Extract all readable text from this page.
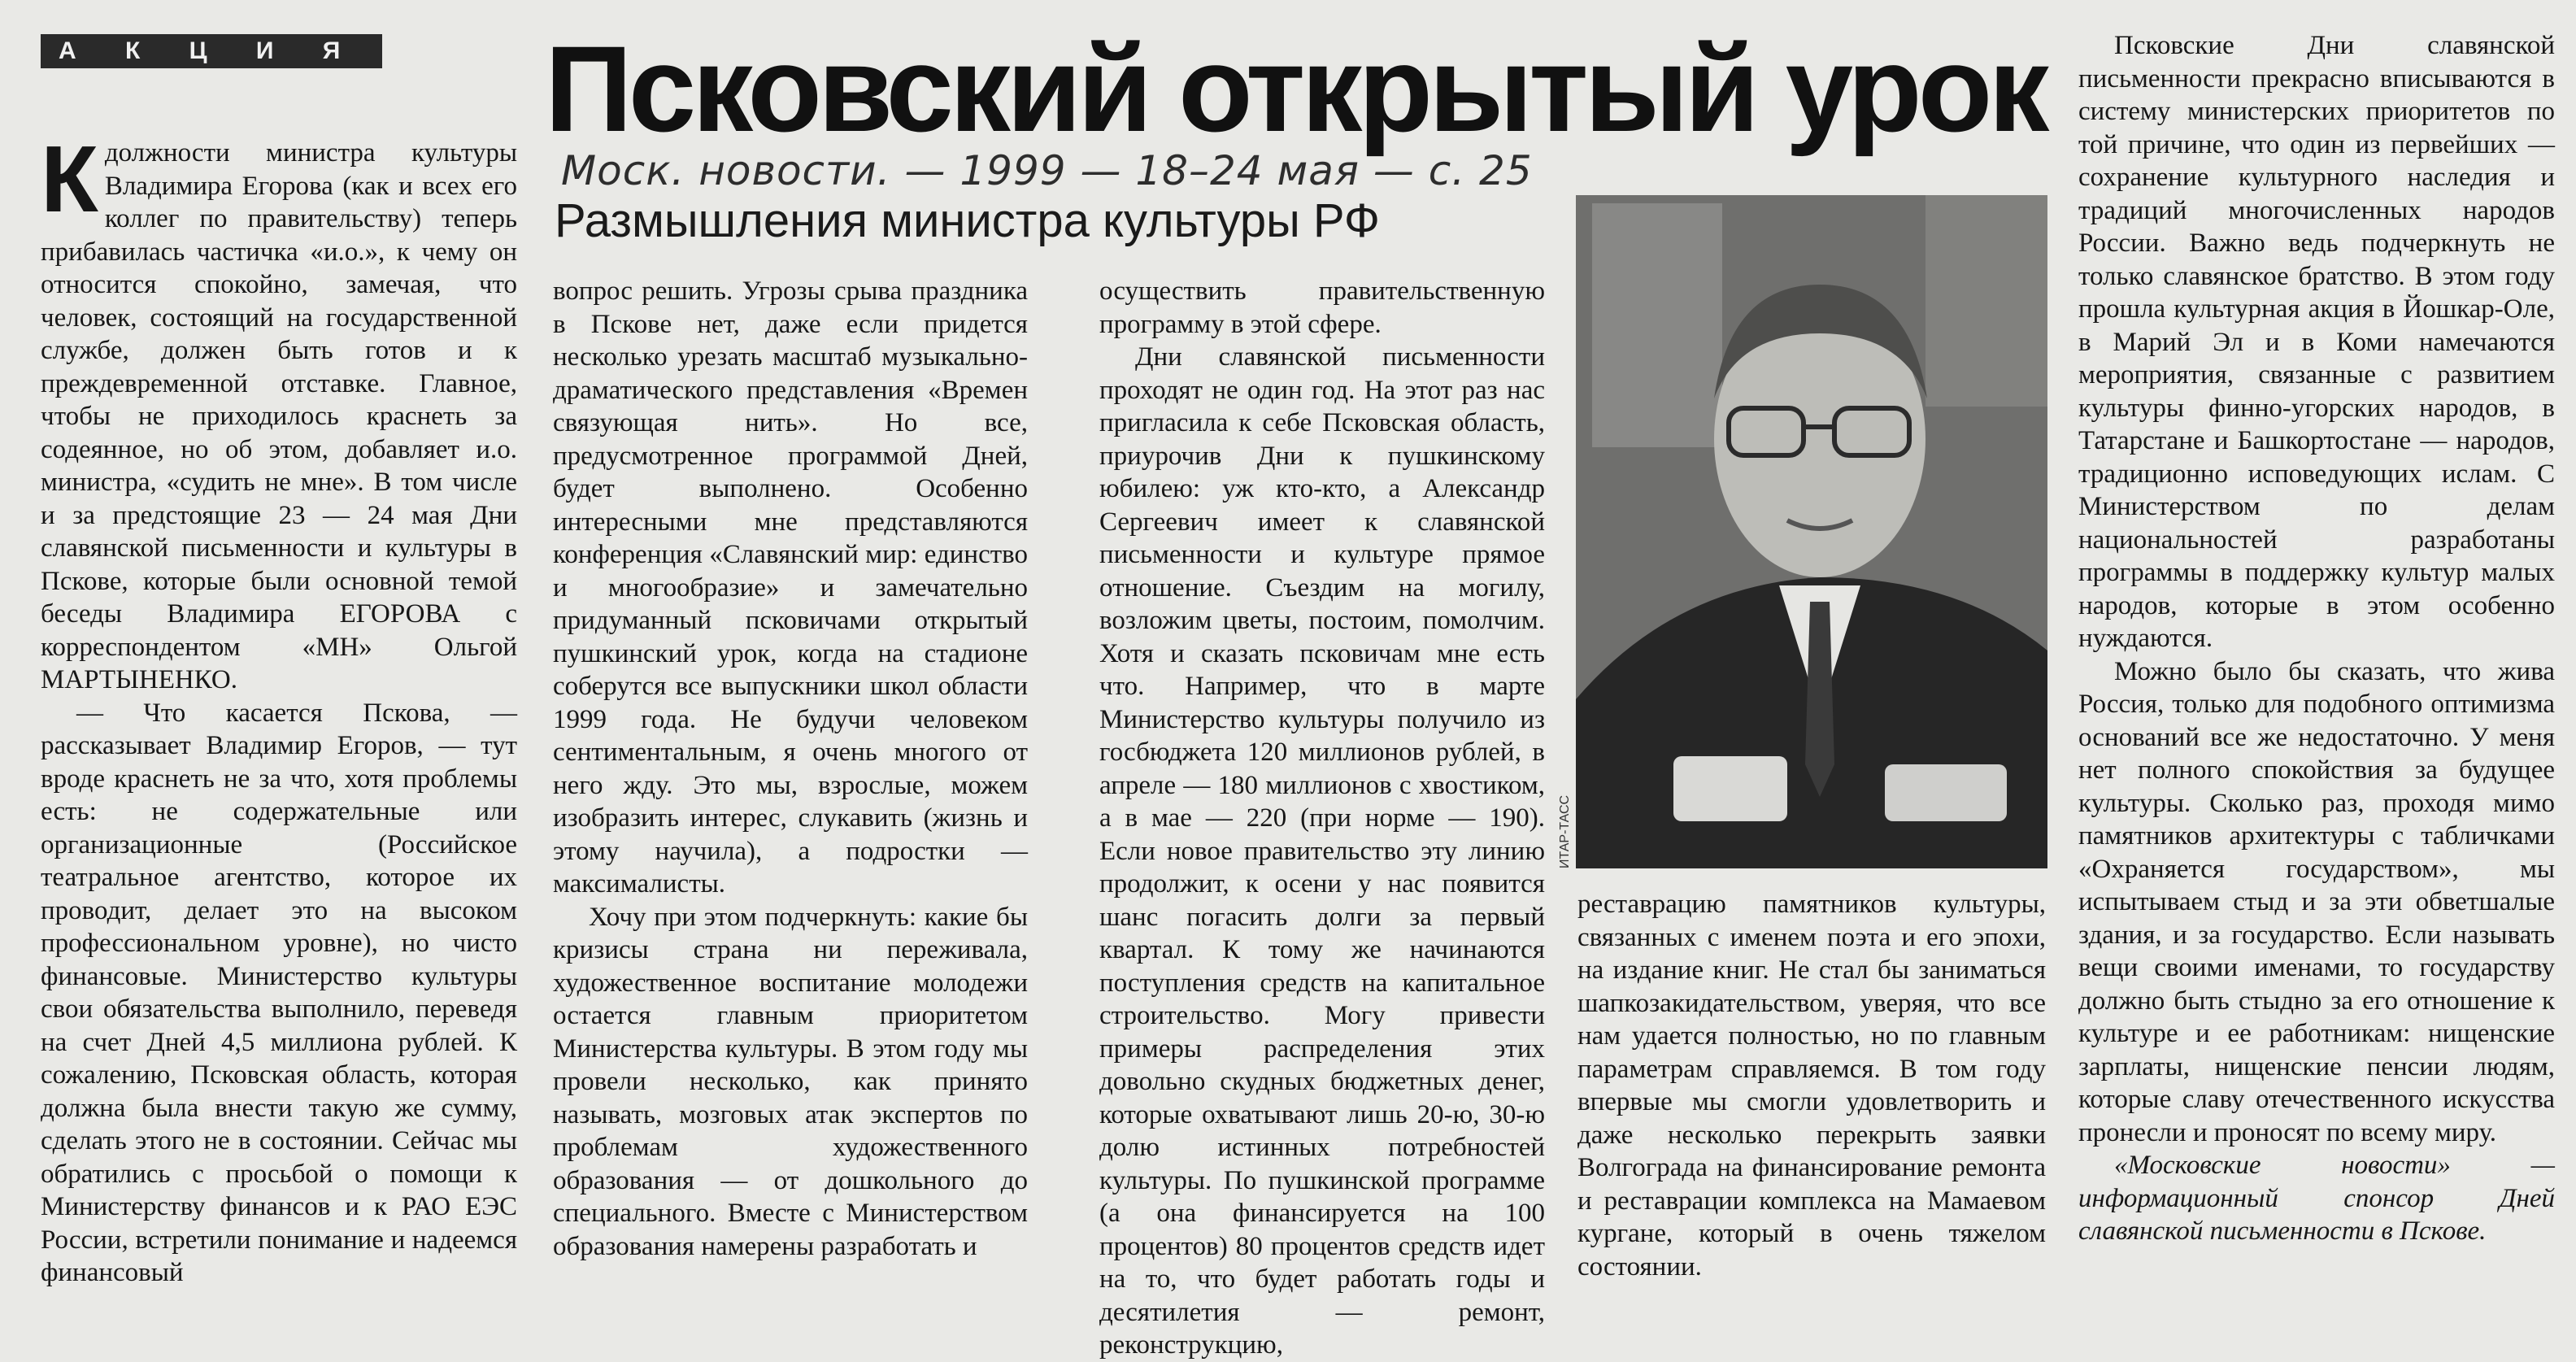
А К Ц И Я Псковский открытый урок
Моск. новости. — 1999 — 18–24 мая — с. 25
Размышления министра культуры РФ

Кдолжности министра культуры Владимира Егорова (как и всех его коллег по правительству) теперь прибавилась частичка «и.о.», к чему он относится спокойно, замечая, что человек, состоящий на государственной службе, должен быть готов и к преждевременной отставке. Главное, чтобы не приходилось краснеть за содеянное, но об этом, добавляет и.о. министра, «судить не мне». В том числе и за предстоящие 23 — 24 мая Дни славянской письменности и культуры в Пскове, которые были основной темой беседы Владимира ЕГОРОВА с корреспондентом «МН» Ольгой МАРТЫНЕНКО.

— Что касается Пскова, — рассказывает Владимир Егоров, — тут вроде краснеть не за что, хотя проблемы есть: не содержательные или организационные (Российское театральное агентство, которое их проводит, делает это на высоком профессиональном уровне), но чисто финансовые. Министерство культуры свои обязательства выполнило, переведя на счет Дней 4,5 миллиона рублей. К сожалению, Псковская область, которая должна была внести такую же сумму, сделать этого не в состоянии. Сейчас мы обратились с просьбой о помощи к Министерству финансов и к РАО ЕЭС России, встретили понимание и надеемся финансовый

вопрос решить. Угрозы срыва праздника в Пскове нет, даже если придется несколько урезать масштаб музыкально-драматического представления «Времен связующая нить». Но все, предусмотренное программой Дней, будет выполнено. Особенно интересными мне представляются конференция «Славянский мир: единство и многообразие» и замечательно придуманный псковичами открытый пушкинский урок, когда на стадионе соберутся все выпускники школ области 1999 года. Не будучи человеком сентиментальным, я очень многого от него жду. Это мы, взрослые, можем изобразить интерес, слукавить (жизнь и этому научила), а подростки — максималисты.

Хочу при этом подчеркнуть: какие бы кризисы страна ни переживала, художественное воспитание молодежи остается главным приоритетом Министерства культуры. В этом году мы провели несколько, как принято называть, мозговых атак экспертов по проблемам художественного образования — от дошкольного до специального. Вместе с Министерством образования намерены разработать и

осуществить правительственную программу в этой сфере.

Дни славянской письменности проходят не один год. На этот раз нас пригласила к себе Псковская область, приурочив Дни к пушкинскому юбилею: уж кто-кто, а Александр Сергеевич имеет к славянской письменности и культуре прямое отношение. Съездим на могилу, возложим цветы, постоим, помолчим. Хотя и сказать псковичам мне есть что. Например, что в марте Министерство культуры получило из госбюджета 120 миллионов рублей, в апреле — 180 миллионов с хвостиком, а в мае — 220 (при норме — 190). Если новое правительство эту линию продолжит, к осени у нас появится шанс погасить долги за первый квартал. К тому же начинаются поступления средств на капитальное строительство. Могу привести примеры распределения этих довольно скудных бюджетных денег, которые охватывают лишь 20-ю, 30-ю долю истинных потребностей культуры. По пушкинской программе (а она финансируется на 100 процентов) 80 процентов средств идет на то, что будет работать годы и десятилетия — ремонт, реконструкцию,

ИТАР-ТАСС

реставрацию памятников культуры, связанных с именем поэта и его эпохи, на издание книг. Не стал бы заниматься шапкозакидательством, уверяя, что все нам удается полностью, но по главным параметрам справляемся. В том году впервые мы смогли удовлетворить и даже несколько перекрыть заявки Волгограда на финансирование ремонта и реставрации комплекса на Мамаевом кургане, который в очень тяжелом состоянии.

Псковские Дни славянской письменности прекрасно вписываются в систему министерских приоритетов по той причине, что один из первейших — сохранение культурного наследия и традиций многочисленных народов России. Важно ведь подчеркнуть не только славянское братство. В этом году прошла культурная акция в Йошкар-Оле, в Марий Эл и в Коми намечаются мероприятия, связанные с развитием культуры финно-угорских народов, в Татарстане и Башкортостане — народов, традиционно исповедующих ислам. С Министерством по делам национальностей разработаны программы в поддержку культур малых народов, которые в этом особенно нуждаются.

Можно было бы сказать, что жива Россия, только для подобного оптимизма оснований все же недостаточно. У меня нет полного спокойствия за будущее культуры. Сколько раз, проходя мимо памятников архитектуры с табличками «Охраняется государством», мы испытываем стыд и за эти обветшалые здания, и за государство. Если называть вещи своими именами, то государству должно быть стыдно за его отношение к культуре и ее работникам: нищенские зарплаты, нищенские пенсии людям, которые славу отечественного искусства пронесли и проносят по всему миру.

«Московские новости» — информационный спонсор Дней славянской письменности в Пскове.
